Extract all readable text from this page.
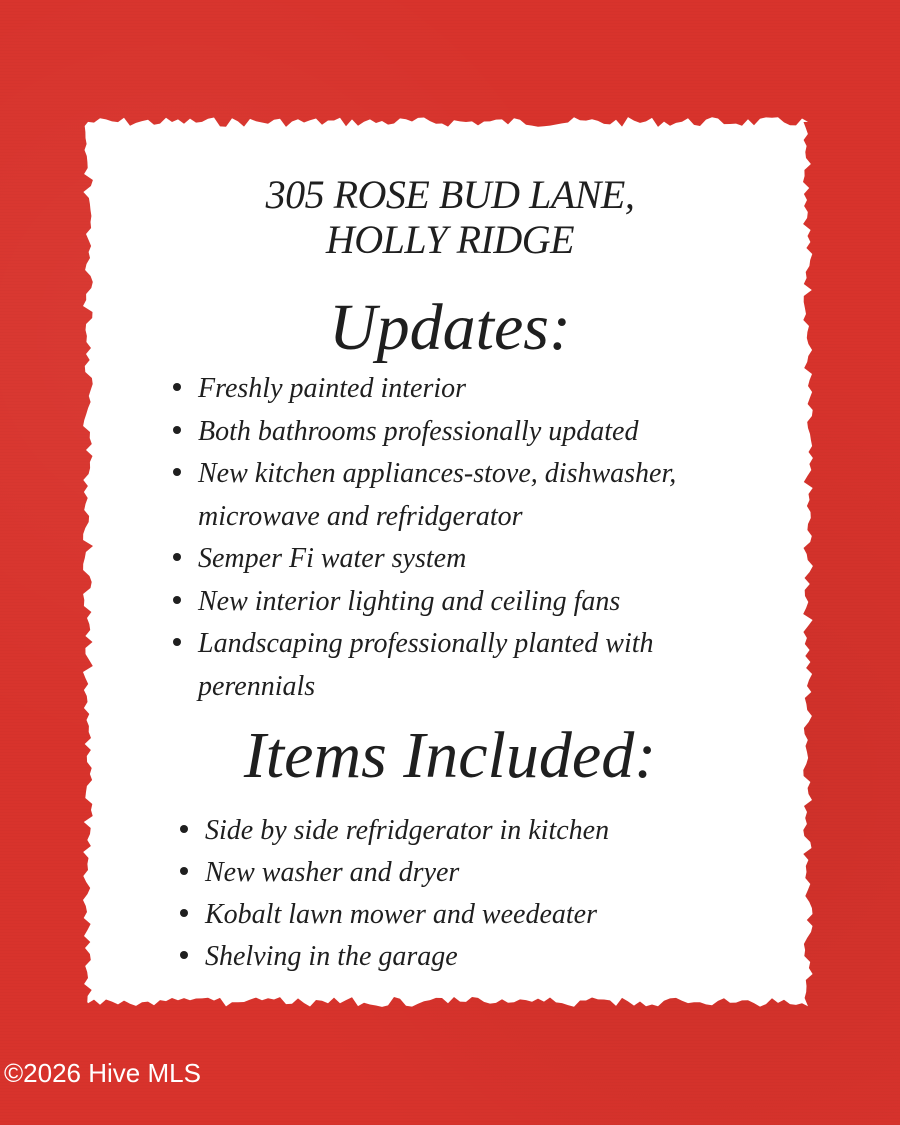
305 ROSE BUD LANE,
HOLLY RIDGE
Updates:
Freshly painted interior
Both bathrooms professionally updated
New kitchen appliances-stove, dishwasher,
microwave and refridgerator
Semper Fi water system
New interior lighting and ceiling fans
Landscaping professionally planted with
perennials
Items Included:
Side by side refridgerator in kitchen
New washer and dryer
Kobalt lawn mower and weedeater
Shelving in the garage
©2026 Hive MLS
